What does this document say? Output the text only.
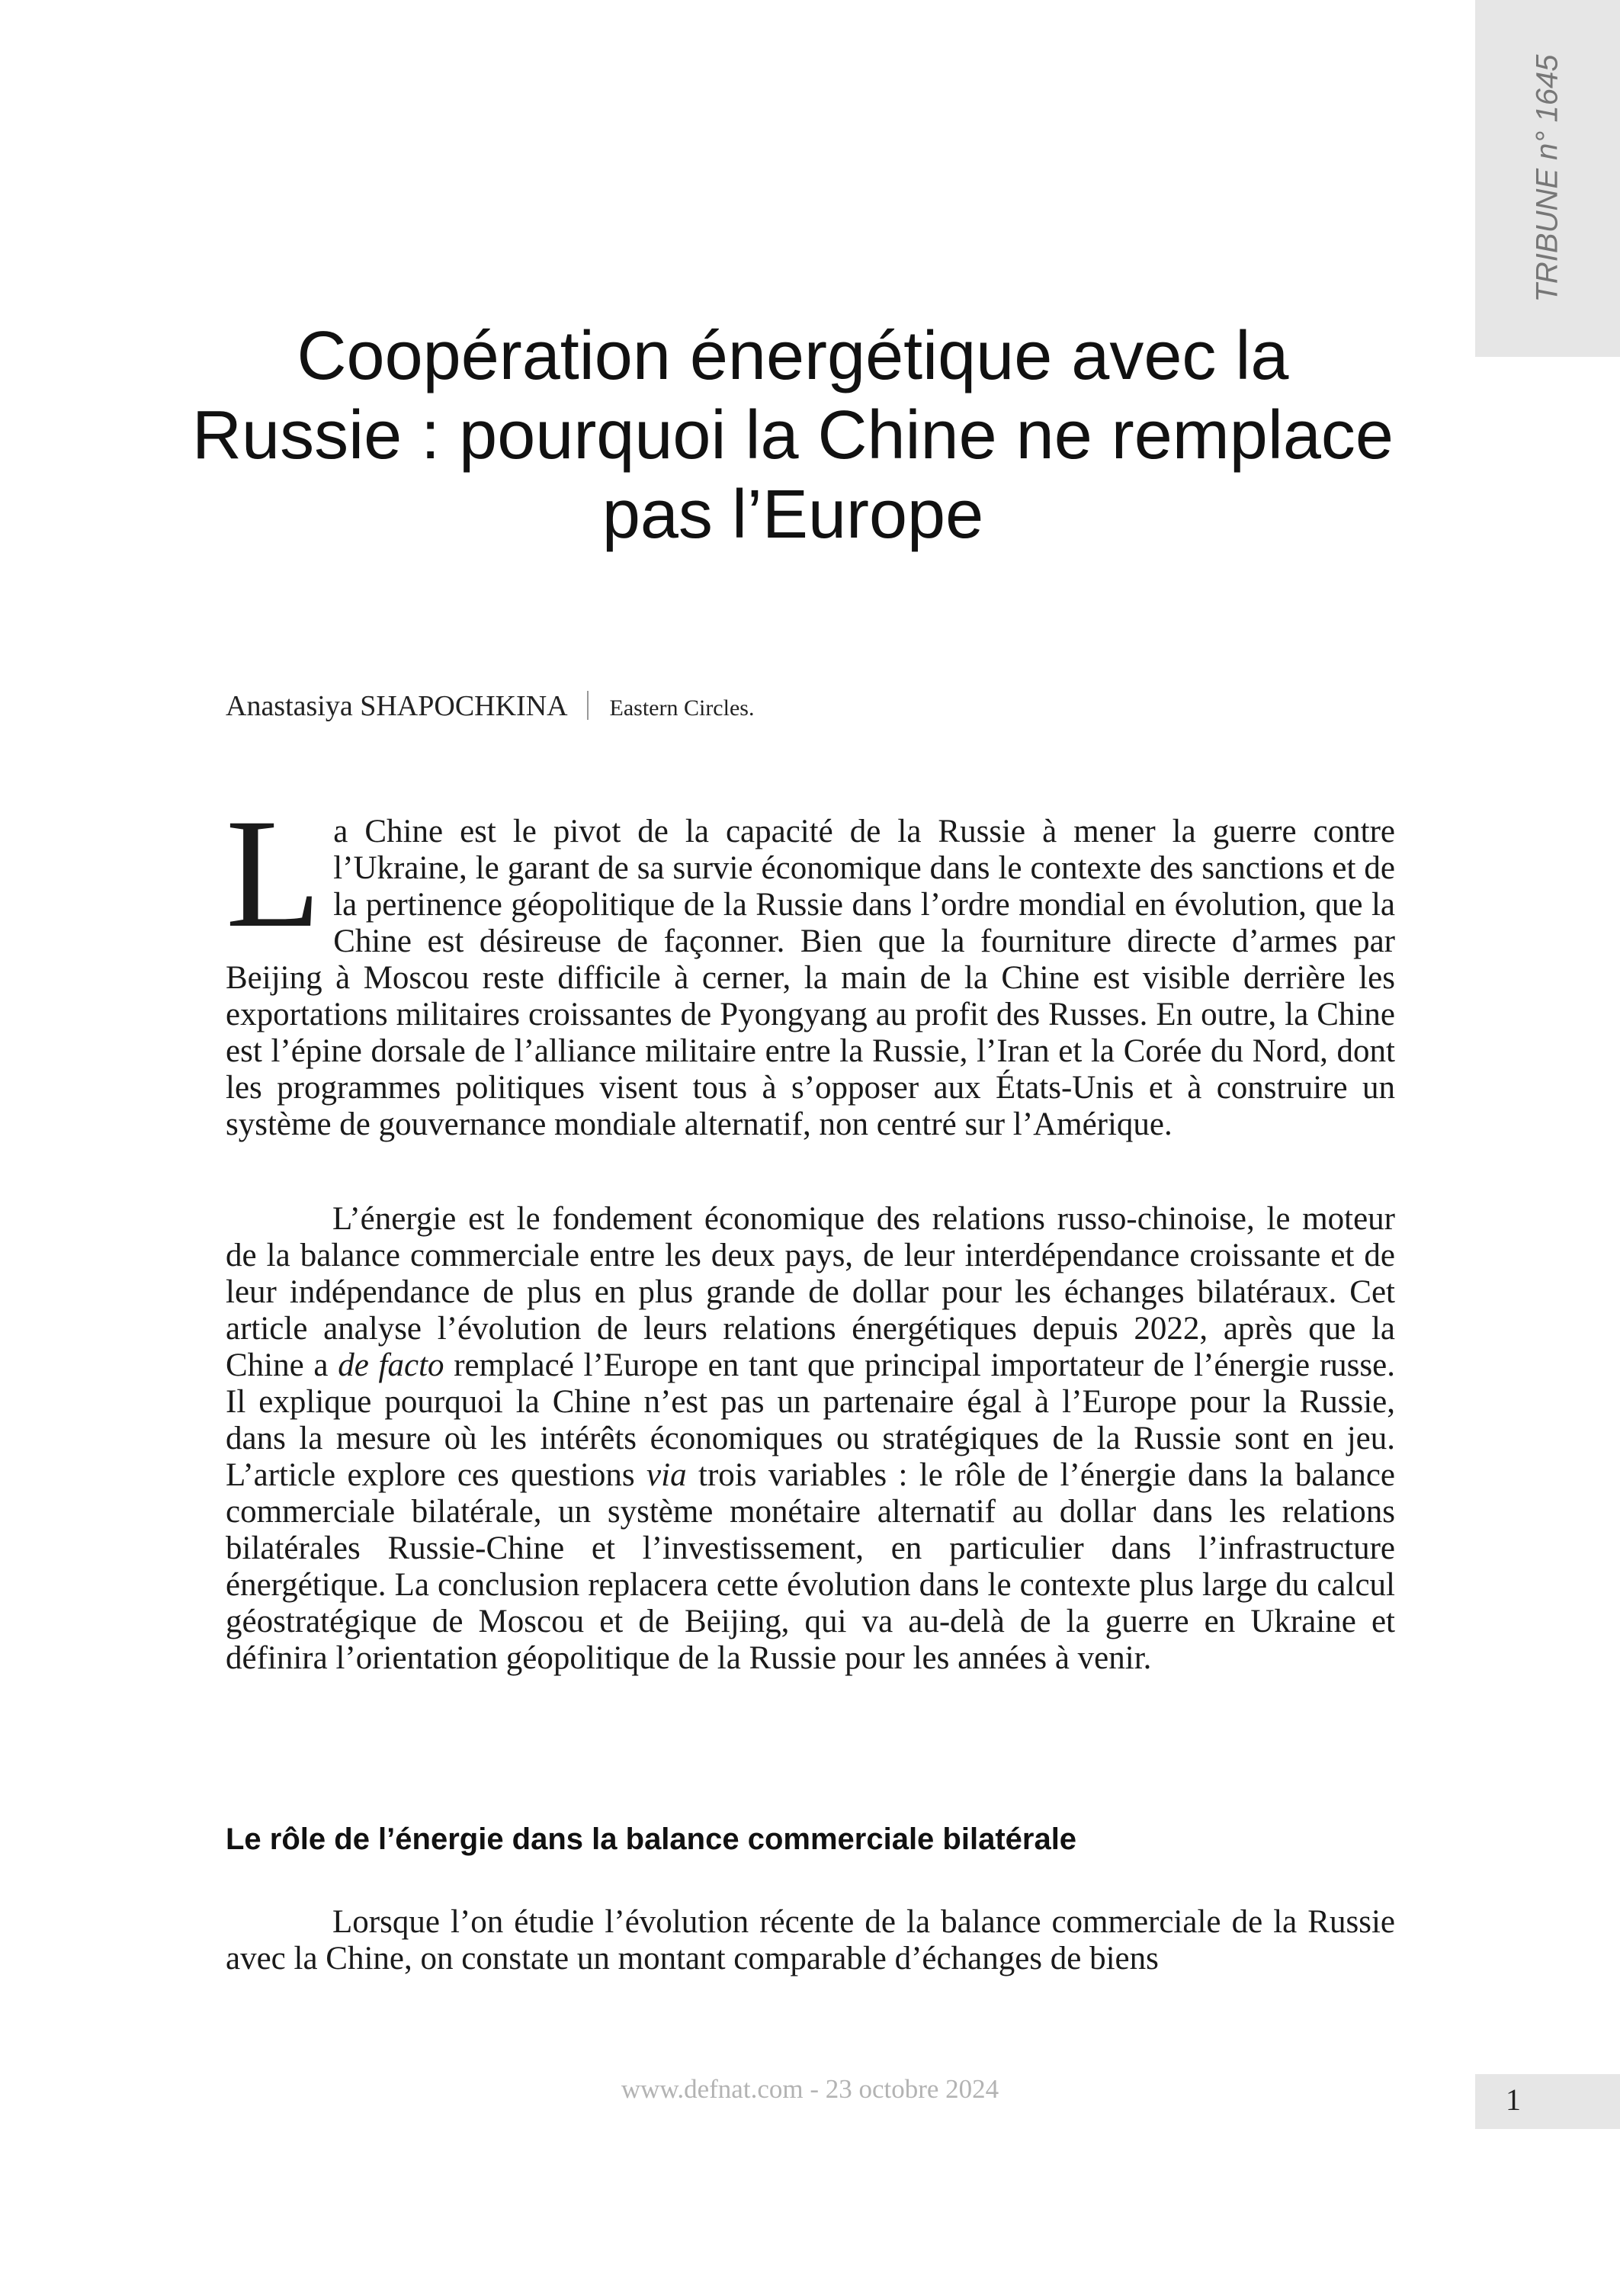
TRIBUNE n° 1645
Coopération énergétique avec la Russie : pourquoi la Chine ne remplace pas l’Europe
Anastasiya SHAPOCHKINA Eastern Circles.

La Chine est le pivot de la capacité de la Russie à mener la guerre contre l’Ukraine, le garant de sa survie économique dans le contexte des sanctions et de la pertinence géopolitique de la Russie dans l’ordre mondial en évolution, que la Chine est désireuse de façonner. Bien que la fourniture directe d’armes par Beijing à Moscou reste difficile à cerner, la main de la Chine est visible derrière les exportations militaires croissantes de Pyongyang au profit des Russes. En outre, la Chine est l’épine dorsale de l’alliance militaire entre la Russie, l’Iran et la Corée du Nord, dont les programmes politiques visent tous à s’opposer aux États-Unis et à construire un système de gouvernance mondiale alternatif, non centré sur l’Amérique.

L’énergie est le fondement économique des relations russo-chinoise, le moteur de la balance commerciale entre les deux pays, de leur interdépendance croissante et de leur indépendance de plus en plus grande de dollar pour les échanges bilatéraux. Cet article analyse l’évolution de leurs relations énergétiques depuis 2022, après que la Chine a de facto remplacé l’Europe en tant que principal importateur de l’énergie russe. Il explique pourquoi la Chine n’est pas un partenaire égal à l’Europe pour la Russie, dans la mesure où les intérêts économiques ou stratégiques de la Russie sont en jeu. L’article explore ces questions via trois variables : le rôle de l’énergie dans la balance commerciale bilatérale, un système monétaire alternatif au dollar dans les relations bilatérales Russie-Chine et l’investissement, en particulier dans l’infrastructure énergétique. La conclusion replacera cette évolution dans le contexte plus large du calcul géostratégique de Moscou et de Beijing, qui va au-delà de la guerre en Ukraine et définira l’orientation géopolitique de la Russie pour les années à venir.

Le rôle de l’énergie dans la balance commerciale bilatérale

Lorsque l’on étudie l’évolution récente de la balance commerciale de la Russie avec la Chine, on constate un montant comparable d’échanges de biens

www.defnat.com - 23 octobre 2024	1
